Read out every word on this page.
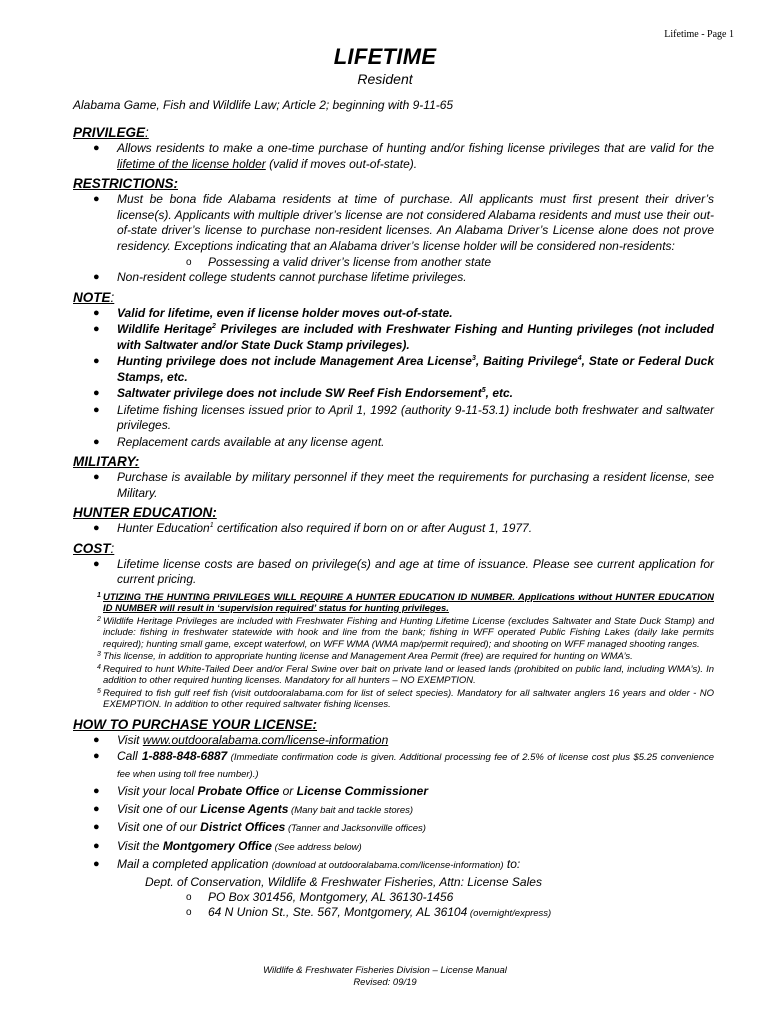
Lifetime - Page 1
LIFETIME
Resident
Alabama Game, Fish and Wildlife Law; Article 2; beginning with 9-11-65
PRIVILEGE:
● Allows residents to make a one-time purchase of hunting and/or fishing license privileges that are valid for the lifetime of the license holder (valid if moves out-of-state).
RESTRICTIONS:
● Must be bona fide Alabama residents at time of purchase. All applicants must first present their driver’s license(s). Applicants with multiple driver’s license are not considered Alabama residents and must use their out-of-state driver’s license to purchase non-resident licenses. An Alabama Driver’s License alone does not prove residency. Exceptions indicating that an Alabama driver’s license holder will be considered non-residents:
o Possessing a valid driver’s license from another state
● Non-resident college students cannot purchase lifetime privileges.
NOTE:
● Valid for lifetime, even if license holder moves out-of-state.
● Wildlife Heritage$^2$ Privileges are included with Freshwater Fishing and Hunting privileges (not included with Saltwater and/or State Duck Stamp privileges).
● Hunting privilege does not include Management Area License$^3$, Baiting Privilege$^4$, State or Federal Duck Stamps, etc.
● Saltwater privilege does not include SW Reef Fish Endorsement$^5$, etc.
● Lifetime fishing licenses issued prior to April 1, 1992 (authority 9-11-53.1) include both freshwater and saltwater privileges.
● Replacement cards available at any license agent.
MILITARY:
● Purchase is available by military personnel if they meet the requirements for purchasing a resident license, see Military.
HUNTER EDUCATION:
● Hunter Education$^1$ certification also required if born on or after August 1, 1977.
COST:
● Lifetime license costs are based on privilege(s) and age at time of issuance. Please see current application for current pricing.
1 UTIZING THE HUNTING PRIVILEGES WILL REQUIRE A HUNTER EDUCATION ID NUMBER. Applications without HUNTER EDUCATION ID NUMBER will result in ‘supervision required’ status for hunting privileges.
2 Wildlife Heritage Privileges are included with Freshwater Fishing and Hunting Lifetime License (excludes Saltwater and State Duck Stamp) and include: fishing in freshwater statewide with hook and line from the bank; fishing in WFF operated Public Fishing Lakes (daily lake permits required); hunting small game, except waterfowl, on WFF WMA (WMA map/permit required); and shooting on WFF managed shooting ranges.
3 This license, in addition to appropriate hunting license and Management Area Permit (free) are required for hunting on WMA’s.
4 Required to hunt White-Tailed Deer and/or Feral Swine over bait on private land or leased lands (prohibited on public land, including WMA’s). In addition to other required hunting licenses. Mandatory for all hunters – NO EXEMPTION.
5 Required to fish gulf reef fish (visit outdooralabama.com for list of select species). Mandatory for all saltwater anglers 16 years and older - NO EXEMPTION. In addition to other required saltwater fishing licenses.
HOW TO PURCHASE YOUR LICENSE:
● Visit www.outdooralabama.com/license-information
● Call 1-888-848-6887 (Immediate confirmation code is given. Additional processing fee of 2.5% of license cost plus $5.25 convenience fee when using toll free number).)
● Visit your local Probate Office or License Commissioner
● Visit one of our License Agents (Many bait and tackle stores)
● Visit one of our District Offices (Tanner and Jacksonville offices)
● Visit the Montgomery Office (See address below)
● Mail a completed application (download at outdooralabama.com/license-information) to:
Dept. of Conservation, Wildlife & Freshwater Fisheries, Attn: License Sales
o PO Box 301456, Montgomery, AL 36130-1456
o 64 N Union St., Ste. 567, Montgomery, AL 36104 (overnight/express)
Wildlife & Freshwater Fisheries Division – License Manual
Revised: 09/19
